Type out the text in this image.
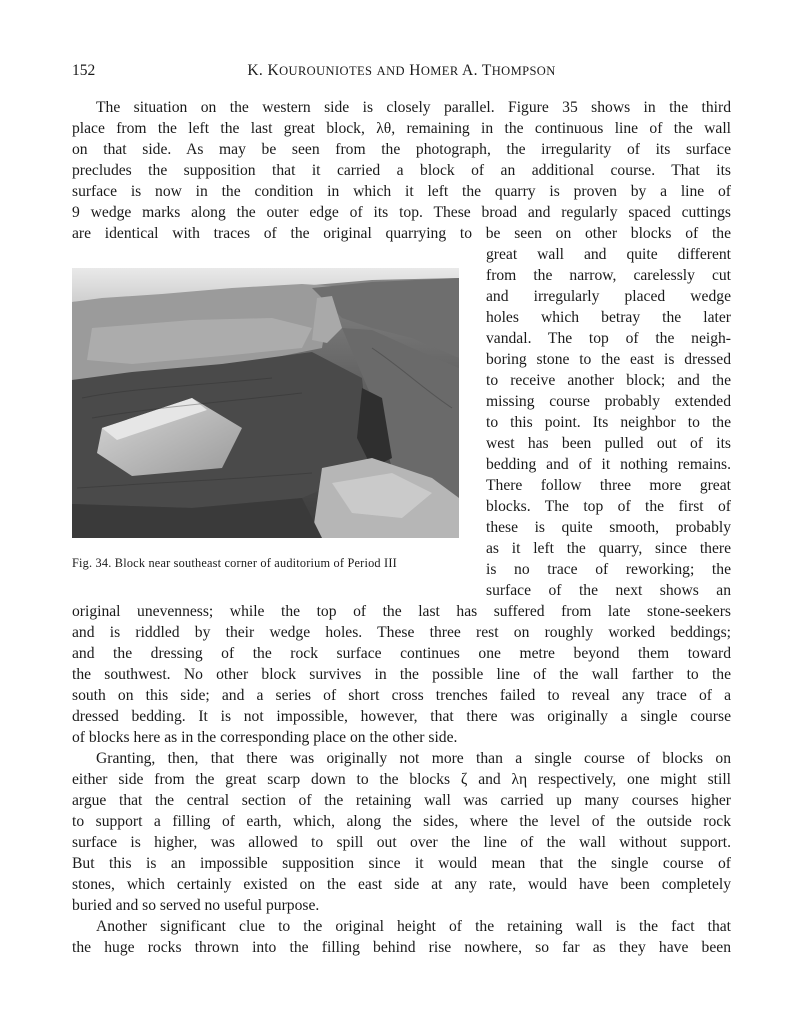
152	K. KOUROUNIOTES AND HOMER A. THOMPSON
The situation on the western side is closely parallel. Figure 35 shows in the third
place from the left the last great block, λθ, remaining in the continuous line of the wall
on that side. As may be seen from the photograph, the irregularity of its surface
precludes the supposition that it carried a block of an additional course. That its
surface is now in the condition in which it left the quarry is proven by a line of
9 wedge marks along the outer edge of its top. These broad and regularly spaced cuttings
are identical with traces of the original quarrying to be seen on other blocks of the
great wall and quite different
from the narrow, carelessly cut
and irregularly placed wedge
holes which betray the later
vandal. The top of the neigh-
boring stone to the east is dressed
to receive another block; and the
missing course probably extended
to this point. Its neighbor to the
west has been pulled out of its
bedding and of it nothing remains.
There follow three more great
blocks. The top of the first of
these is quite smooth, probably
as it left the quarry, since there
is no trace of reworking; the
surface of the next shows an
Fig. 34. Block near southeast corner of auditorium of Period III
original unevenness; while the top of the last has suffered from late stone-seekers
and is riddled by their wedge holes. These three rest on roughly worked beddings;
and the dressing of the rock surface continues one metre beyond them toward
the southwest. No other block survives in the possible line of the wall farther to the
south on this side; and a series of short cross trenches failed to reveal any trace of a
dressed bedding. It is not impossible, however, that there was originally a single course
of blocks here as in the corresponding place on the other side.
Granting, then, that there was originally not more than a single course of blocks on
either side from the great scarp down to the blocks ζ and λη respectively, one might still
argue that the central section of the retaining wall was carried up many courses higher
to support a filling of earth, which, along the sides, where the level of the outside rock
surface is higher, was allowed to spill out over the line of the wall without support.
But this is an impossible supposition since it would mean that the single course of
stones, which certainly existed on the east side at any rate, would have been completely
buried and so served no useful purpose.
Another significant clue to the original height of the retaining wall is the fact that
the huge rocks thrown into the filling behind rise nowhere, so far as they have been
